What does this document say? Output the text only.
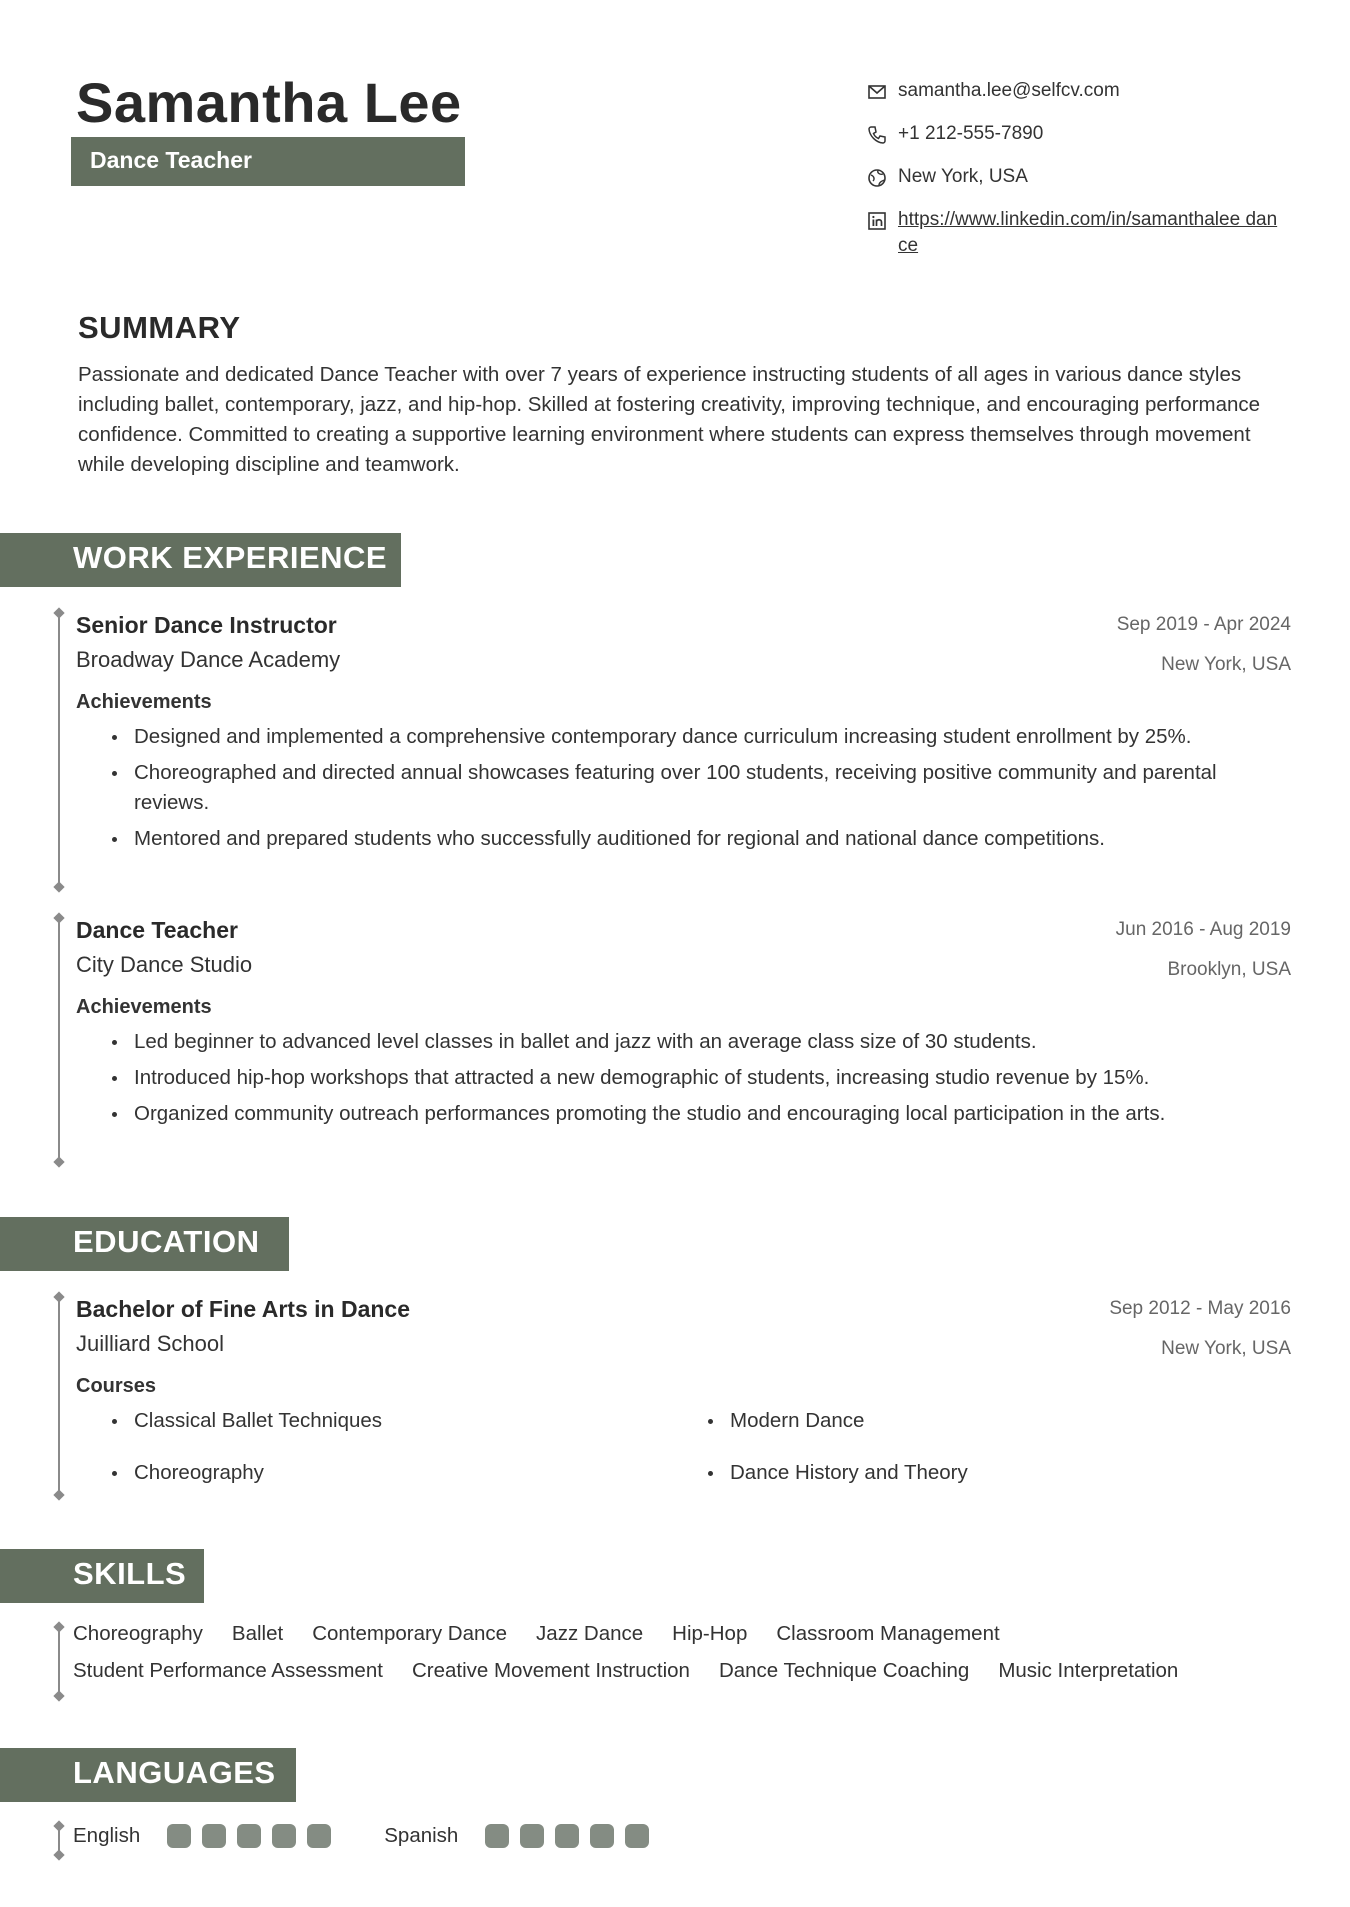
Samantha Lee
Dance Teacher
samantha.lee@selfcv.com
+1 212-555-7890
New York, USA
https://www.linkedin.com/in/samanthalee dance
SUMMARY
Passionate and dedicated Dance Teacher with over 7 years of experience instructing students of all ages in various dance styles including ballet, contemporary, jazz, and hip-hop. Skilled at fostering creativity, improving technique, and encouraging performance confidence. Committed to creating a supportive learning environment where students can express themselves through movement while developing discipline and teamwork.
WORK EXPERIENCE
Senior Dance Instructor
Broadway Dance Academy
Sep 2019 - Apr 2024
New York, USA
Achievements
Designed and implemented a comprehensive contemporary dance curriculum increasing student enrollment by 25%.
Choreographed and directed annual showcases featuring over 100 students, receiving positive community and parental reviews.
Mentored and prepared students who successfully auditioned for regional and national dance competitions.
Dance Teacher
City Dance Studio
Jun 2016 - Aug 2019
Brooklyn, USA
Achievements
Led beginner to advanced level classes in ballet and jazz with an average class size of 30 students.
Introduced hip-hop workshops that attracted a new demographic of students, increasing studio revenue by 15%.
Organized community outreach performances promoting the studio and encouraging local participation in the arts.
EDUCATION
Bachelor of Fine Arts in Dance
Juilliard School
Sep 2012 - May 2016
New York, USA
Courses
Classical Ballet Techniques	Modern Dance
Choreography	Dance History and Theory
SKILLS
Choreography Ballet Contemporary Dance Jazz Dance Hip-Hop Classroom Management
Student Performance Assessment Creative Movement Instruction Dance Technique Coaching Music Interpretation
LANGUAGES
English	Spanish
